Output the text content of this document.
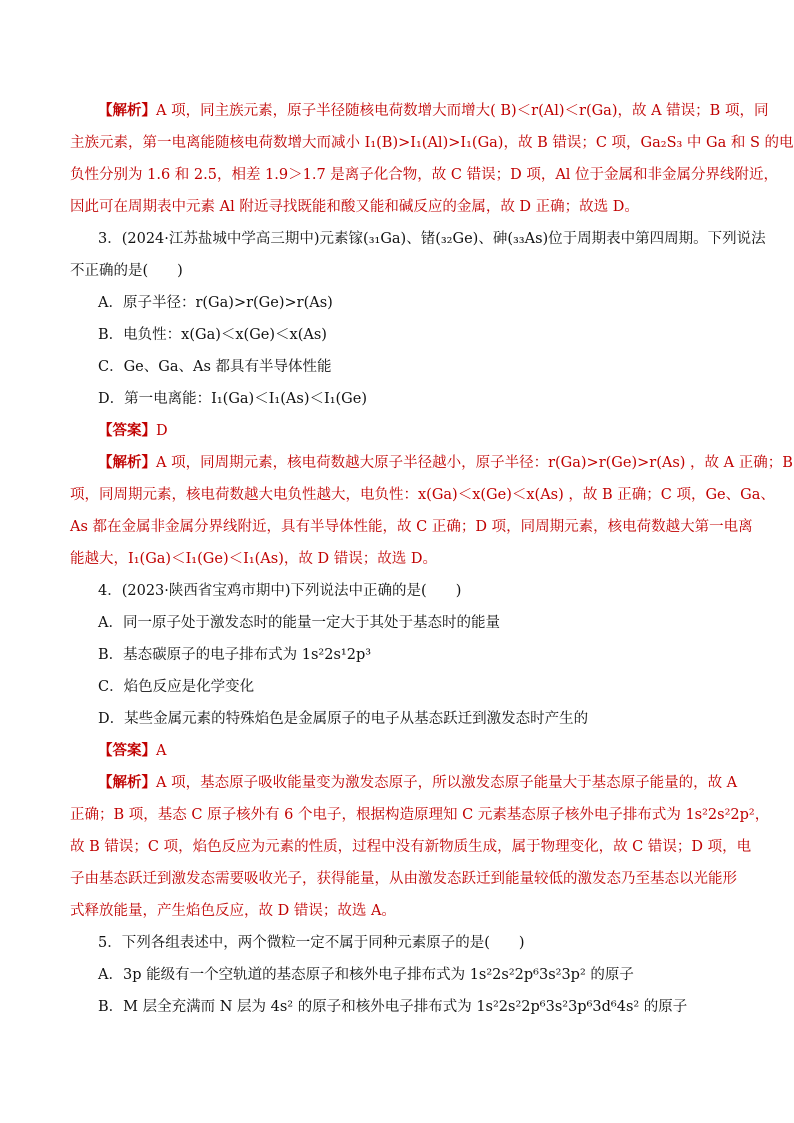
【解析】A 项，同主族元素，原子半径随核电荷数增大而增大( B)＜r(Al)＜r(Ga)，故 A 错误；B 项，同
主族元素，第一电离能随核电荷数增大而减小 I₁(B)>I₁(Al)>I₁(Ga)，故 B 错误；C 项，Ga₂S₃ 中 Ga 和 S 的电
负性分别为 1.6 和 2.5，相差 1.9＞1.7 是离子化合物，故 C 错误；D 项，Al 位于金属和非金属分界线附近，
因此可在周期表中元素 Al 附近寻找既能和酸又能和碱反应的金属，故 D 正确；故选 D。
3．(2024·江苏盐城中学高三期中)元素镓(₃₁Ga)、锗(₃₂Ge)、砷(₃₃As)位于周期表中第四周期。下列说法
不正确的是(　　)
A．原子半径：r(Ga)>r(Ge)>r(As)
B．电负性：x(Ga)＜x(Ge)＜x(As)
C．Ge、Ga、As 都具有半导体性能
D．第一电离能：I₁(Ga)＜I₁(As)＜I₁(Ge)
【答案】D
【解析】A 项，同周期元素，核电荷数越大原子半径越小，原子半径：r(Ga)>r(Ge)>r(As) ，故 A 正确；B
项，同周期元素，核电荷数越大电负性越大，电负性：x(Ga)＜x(Ge)＜x(As) ，故 B 正确；C 项，Ge、Ga、
As 都在金属非金属分界线附近，具有半导体性能，故 C 正确；D 项，同周期元素，核电荷数越大第一电离
能越大，I₁(Ga)＜I₁(Ge)＜I₁(As)，故 D 错误；故选 D。
4．(2023·陕西省宝鸡市期中)下列说法中正确的是(　　)
A．同一原子处于激发态时的能量一定大于其处于基态时的能量
B．基态碳原子的电子排布式为 1s²2s¹2p³
C．焰色反应是化学变化
D．某些金属元素的特殊焰色是金属原子的电子从基态跃迁到激发态时产生的
【答案】A
【解析】A 项，基态原子吸收能量变为激发态原子，所以激发态原子能量大于基态原子能量的，故 A
正确；B 项，基态 C 原子核外有 6 个电子，根据构造原理知 C 元素基态原子核外电子排布式为 1s²2s²2p²，
故 B 错误；C 项，焰色反应为元素的性质，过程中没有新物质生成，属于物理变化，故 C 错误；D 项，电
子由基态跃迁到激发态需要吸收光子，获得能量，从由激发态跃迁到能量较低的激发态乃至基态以光能形
式释放能量，产生焰色反应，故 D 错误；故选 A。
5．下列各组表述中，两个微粒一定不属于同种元素原子的是(　　)
A．3p 能级有一个空轨道的基态原子和核外电子排布式为 1s²2s²2p⁶3s²3p² 的原子
B．M 层全充满而 N 层为 4s² 的原子和核外电子排布式为 1s²2s²2p⁶3s²3p⁶3d⁶4s² 的原子
